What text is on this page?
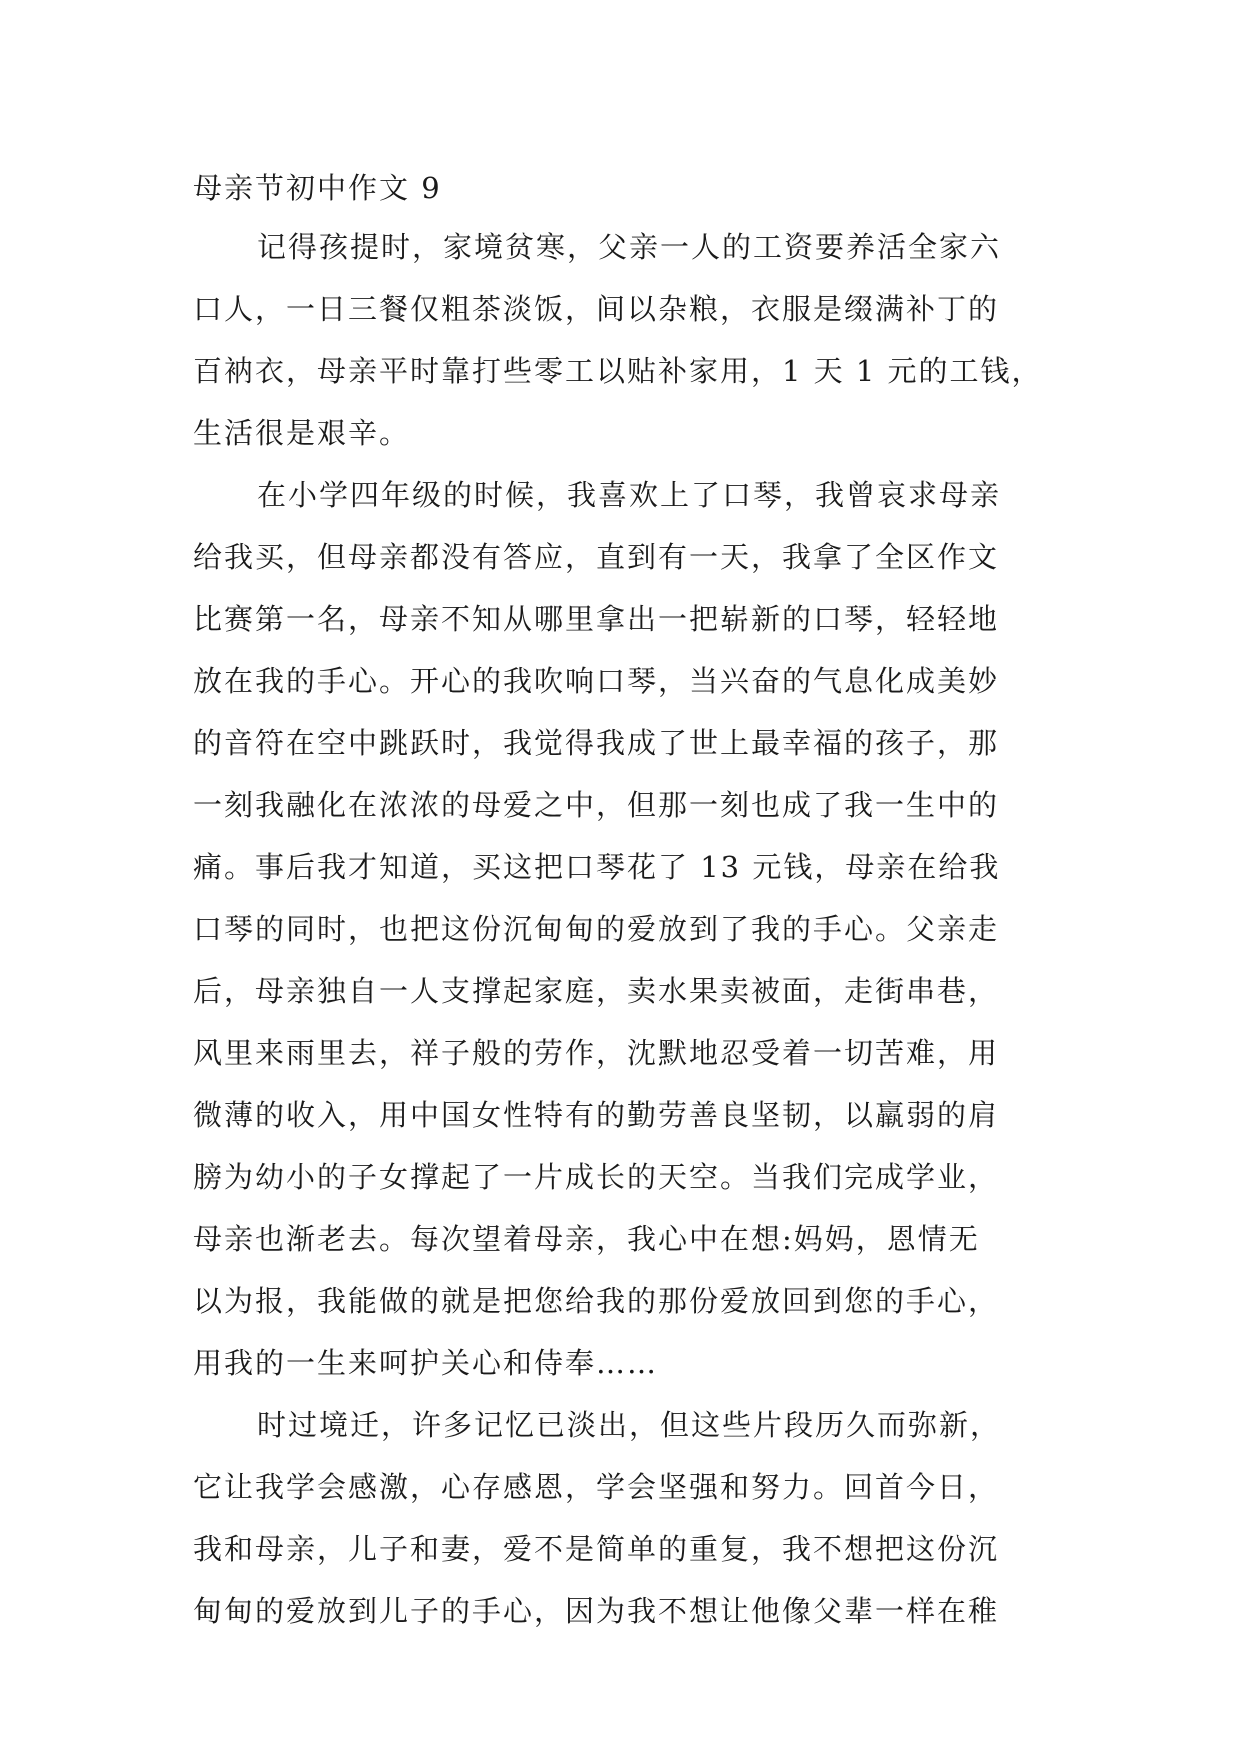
母亲节初中作文 9

记得孩提时，家境贫寒，父亲一人的工资要养活全家六
口人，一日三餐仅粗茶淡饭，间以杂粮，衣服是缀满补丁的
百衲衣，母亲平时靠打些零工以贴补家用，1 天 1 元的工钱，
生活很是艰辛。

在小学四年级的时候，我喜欢上了口琴，我曾哀求母亲
给我买，但母亲都没有答应，直到有一天，我拿了全区作文
比赛第一名，母亲不知从哪里拿出一把崭新的口琴，轻轻地
放在我的手心。开心的我吹响口琴，当兴奋的气息化成美妙
的音符在空中跳跃时，我觉得我成了世上最幸福的孩子，那
一刻我融化在浓浓的母爱之中，但那一刻也成了我一生中的
痛。事后我才知道，买这把口琴花了 13 元钱，母亲在给我
口琴的同时，也把这份沉甸甸的爱放到了我的手心。父亲走
后，母亲独自一人支撑起家庭，卖水果卖被面，走街串巷，
风里来雨里去，祥子般的劳作，沈默地忍受着一切苦难，用
微薄的收入，用中国女性特有的勤劳善良坚韧，以羸弱的肩
膀为幼小的子女撑起了一片成长的天空。当我们完成学业，
母亲也渐老去。每次望着母亲，我心中在想:妈妈，恩情无
以为报，我能做的就是把您给我的那份爱放回到您的手心，
用我的一生来呵护关心和侍奉……

时过境迁，许多记忆已淡出，但这些片段历久而弥新，
它让我学会感激，心存感恩，学会坚强和努力。回首今日，
我和母亲，儿子和妻，爱不是简单的重复，我不想把这份沉
甸甸的爱放到儿子的手心，因为我不想让他像父辈一样在稚
